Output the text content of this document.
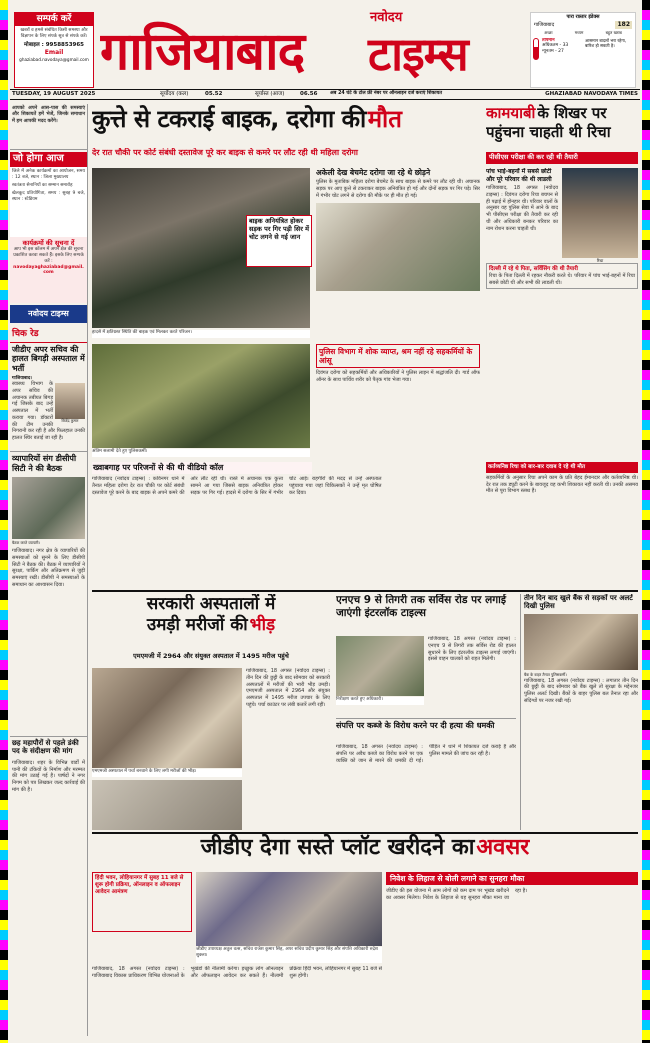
सम्पर्क करें
खबरों व हमसे संबंधित किसी समस्या और विज्ञापन के लिए संपर्क सूत्र से संपर्क करें।
मोबाइल : 9958853965
Email
ghaziabad.navodaya@gmail.com गाजियाबाद
नवोदय
टाइम्स
पारा रफ़्तार इंडेक्स
गाजियाबाद	182
अच्छा	मध्यम	बहुत खराब
तापमान
अधिकतम - 33
न्यूनतम - 27
आसमान बादलों भरा रहेगा, बारिश हो सकती है।
TUESDAY, 19 AUGUST 2025	सूर्योदय (कल)	05.52	सूर्यास्त (आज)	06.56	अब 24 घंटे के टोल फ्री नंबर पर ऑनलाइन दर्ज कराएं शिकायत	GHAZIABAD NAVODAYA TIMES
आपको अपने आस-पास की समस्याएं और शिकायतें हमें भेजें, जिनके समाधान में हम आपकी मदद करेंगे।
जो होगा आज
जिले में अनेक कार्यक्रमों का आयोजन, समय : 12 बजे, स्थान : जिला मुख्यालय
स्वतंत्रता सेनानियों का सम्मान समारोह
खेलकूद प्रतियोगिता, समय : सुबह 9 बजे, स्थान : स्टेडियम
कार्यक्रमों की सूचना दें
आप भी इस कॉलम में अपने क्षेत्र की सूचना प्रकाशित करवा सकते हैं। इसके लिए सम्पर्क करें :
navodayaghaziabad@gmail.com
नवोदय टाइम्स
चिक रेड
जीडीए अपर सचिव की हालत बिगड़ी अस्पताल में भर्ती
गाजियाबाद।
बिजेंद्र कुमार
स्वास्थ्य विभाग के अपर सचिव की अचानक तबीयत बिगड़ गई जिसके बाद उन्हें अस्पताल में भर्ती कराया गया। डॉक्टरों की टीम उनकी निगरानी कर रही है और फिलहाल उनकी हालत स्थिर बताई जा रही है।
व्यापारियों संग डीसीपी सिटी ने की बैठक
बैठक करते व्यापारी।
गाजियाबाद। नगर क्षेत्र के व्यापारियों की समस्याओं को सुनने के लिए डीसीपी सिटी ने बैठक की। बैठक में व्यापारियों ने सुरक्षा, पार्किंग और अतिक्रमण से जुड़ी समस्याएं रखीं। डीसीपी ने समस्याओं के समाधान का आश्वासन दिया।
छह महापौरों से पहले डंकी पद के संदीक्षण की मांग
गाजियाबाद। शहर के विभिन्न वार्डों में पानी की टंकियों के निर्माण और मरम्मत की मांग उठाई गई है। पार्षदों ने नगर निगम को पत्र लिखकर जल्द कार्रवाई की मांग की है।
कुत्ते से टकराई बाइक, दरोगा की मौत
देर रात चौकी पर कोर्ट संबंधी दस्तावेज पूरे कर बाइक से कमरे पर लौट रही थी महिला दरोगा
बाइक अनियंत्रित होकर सड़क पर गिर पड़ी सिर में चोट लगने से गई जान
हादसे में क्षतिग्रस्त स्थिति की बाइक एवं मिलकर करते परिजन।
अकेली देख बेचमेट दरोगा जा रहे थे छोड़ने
पुलिस के मुताबिक महिला दरोगा बेचमेट के साथ बाइक से कमरे पर लौट रही थी। अचानक सड़क पर आए कुत्ते से टकराकर बाइक अनियंत्रित हो गई और दोनों सड़क पर गिर पड़े। सिर में गंभीर चोट लगने से दरोगा की मौके पर ही मौत हो गई।
अंतिम सलामी देते हुए पुलिसकर्मी।
पुलिस विभाग में शोक व्याप्त, श्रम नहीं रहे सहकर्मियों के आंसू
दिवंगत दरोगा को सहकर्मियों और अधिकारियों ने पुलिस लाइन में श्रद्धांजलि दी। गार्ड ऑफ ऑनर के साथ पार्थिव शरीर को पैतृक गांव भेजा गया।
ख्वाबगाह पर परिजनों से की थी वीडियो कॉल
गाजियाबाद (नवोदय टाइम्स) : कविनगर थाने में तैनात महिला दरोगा देर रात चौकी पर कोर्ट संबंधी दस्तावेज पूरे करने के बाद बाइक से अपने कमरे की ओर लौट रही थी। रास्ते में अचानक एक कुत्ता सामने आ गया जिससे बाइक अनियंत्रित होकर सड़क पर गिर गई। हादसे में दरोगा के सिर में गंभीर चोट आई। राहगीरों की मदद से उन्हें अस्पताल पहुंचाया गया जहां चिकित्सकों ने उन्हें मृत घोषित कर दिया।
कामयाबी के शिखर पर
पहुंचना चाहती थी रिचा
पीसीएस परीक्षा की कर रही थी तैयारी
पांच भाई-बहनों में सबसे छोटी और पूरे परिवार की थी लाडली
रिचा
गाजियाबाद, 18 अगस्त (नवोदय टाइम्स) : दिवंगत दरोगा रिचा बचपन से ही पढ़ाई में होनहार थी। परिवार वालों के अनुसार वह पुलिस सेवा में आने के बाद भी पीसीएस परीक्षा की तैयारी कर रही थी और अधिकारी बनकर परिवार का नाम रोशन करना चाहती थी।
दिल्ली में रहे थे पिता, सर्विसिंग की थी तैयारी
रिचा के पिता दिल्ली में रहकर नौकरी करते थे। परिवार में पांच भाई-बहनों में रिचा सबसे छोटी थी और सभी की लाडली थी।
कर्तव्यनिष्ठ रिचा को बार-बार दवाब दे रहे थी मौत
सहकर्मियों के अनुसार रिचा अपने काम के प्रति बेहद ईमानदार और कर्तव्यनिष्ठ थी। देर रात तक ड्यूटी करने के बावजूद वह कभी शिकायत नहीं करती थी। उनकी असमय मौत से पूरा विभाग स्तब्ध है।
सरकारी अस्पतालों में
उमड़ी मरीजों की भीड़
एमएमजी में 2964 और संयुक्त अस्पताल में 1495 मरीज पहुंचे
एमएमजी अस्पताल में पर्चा बनवाने के लिए लगी मरीजों की भीड़।
गाजियाबाद, 18 अगस्त (नवोदय टाइम्स) : तीन दिन की छुट्टी के बाद सोमवार को सरकारी अस्पतालों में मरीजों की भारी भीड़ उमड़ी। एमएमजी अस्पताल में 2964 और संयुक्त अस्पताल में 1495 मरीज उपचार के लिए पहुंचे। पर्चा काउंटर पर लंबी कतारें लगी रहीं।
एनएच 9 से तिगरी तक सर्विस रोड पर लगाई जाएंगी इंटरलॉक टाइल्स
निरीक्षण करते हुए अधिकारी।
गाजियाबाद, 18 अगस्त (नवोदय टाइम्स) : एनएच 9 से तिगरी तक सर्विस रोड की हालत सुधारने के लिए इंटरलॉक टाइल्स लगाई जाएंगी। इससे वाहन चालकों को राहत मिलेगी।
संपत्ति पर कब्जे के विरोध करने पर दी हत्या की धमकी
गाजियाबाद, 18 अगस्त (नवोदय टाइम्स) : संपत्ति पर अवैध कब्जे का विरोध करने पर एक व्यक्ति को जान से मारने की धमकी दी गई। पीड़ित ने थाने में शिकायत दर्ज कराई है और पुलिस मामले की जांच कर रही है।
तीन दिन बाद खुले बैंक से सड़कों पर अलर्ट दिखी पुलिस
बैंक के बाहर तैनात पुलिसकर्मी।
गाजियाबाद, 18 अगस्त (नवोदय टाइम्स) : लगातार तीन दिन की छुट्टी के बाद सोमवार को बैंक खुले तो सुरक्षा के मद्देनजर पुलिस अलर्ट दिखी। बैंकों के बाहर पुलिस बल तैनात रहा और संदिग्धों पर नजर रखी गई।
जीडीए देगा सस्ते प्लॉट खरीदने का अवसर
हिंदी भवन, लोहियानगर में सुबह 11 बजे से शुरू होगी प्रक्रिया, ऑनलाइन व ऑफलाइन आवेदन आमंत्रण
जीडीए उपाध्यक्ष अतुल वत्स, सचिव राजेश कुमार सिंह, अपर सचिव प्रदीप कुमार सिंह और संपत्ति अधिकारी रुद्रेश शुक्ला।
गाजियाबाद, 18 अगस्त (नवोदय टाइम्स) : गाजियाबाद विकास प्राधिकरण विभिन्न योजनाओं के भूखंडों की नीलामी करेगा। इच्छुक लोग ऑनलाइन और ऑफलाइन आवेदन कर सकते हैं। नीलामी प्रक्रिया हिंदी भवन, लोहियानगर में सुबह 11 बजे से शुरू होगी।
निवेश के लिहाज से बोली लगाने का सुनहरा मौका
जीडीए की इस योजना में आम लोगों को कम दाम पर भूखंड खरीदने का अवसर मिलेगा। निवेश के लिहाज से यह सुनहरा मौका माना जा रहा है।
